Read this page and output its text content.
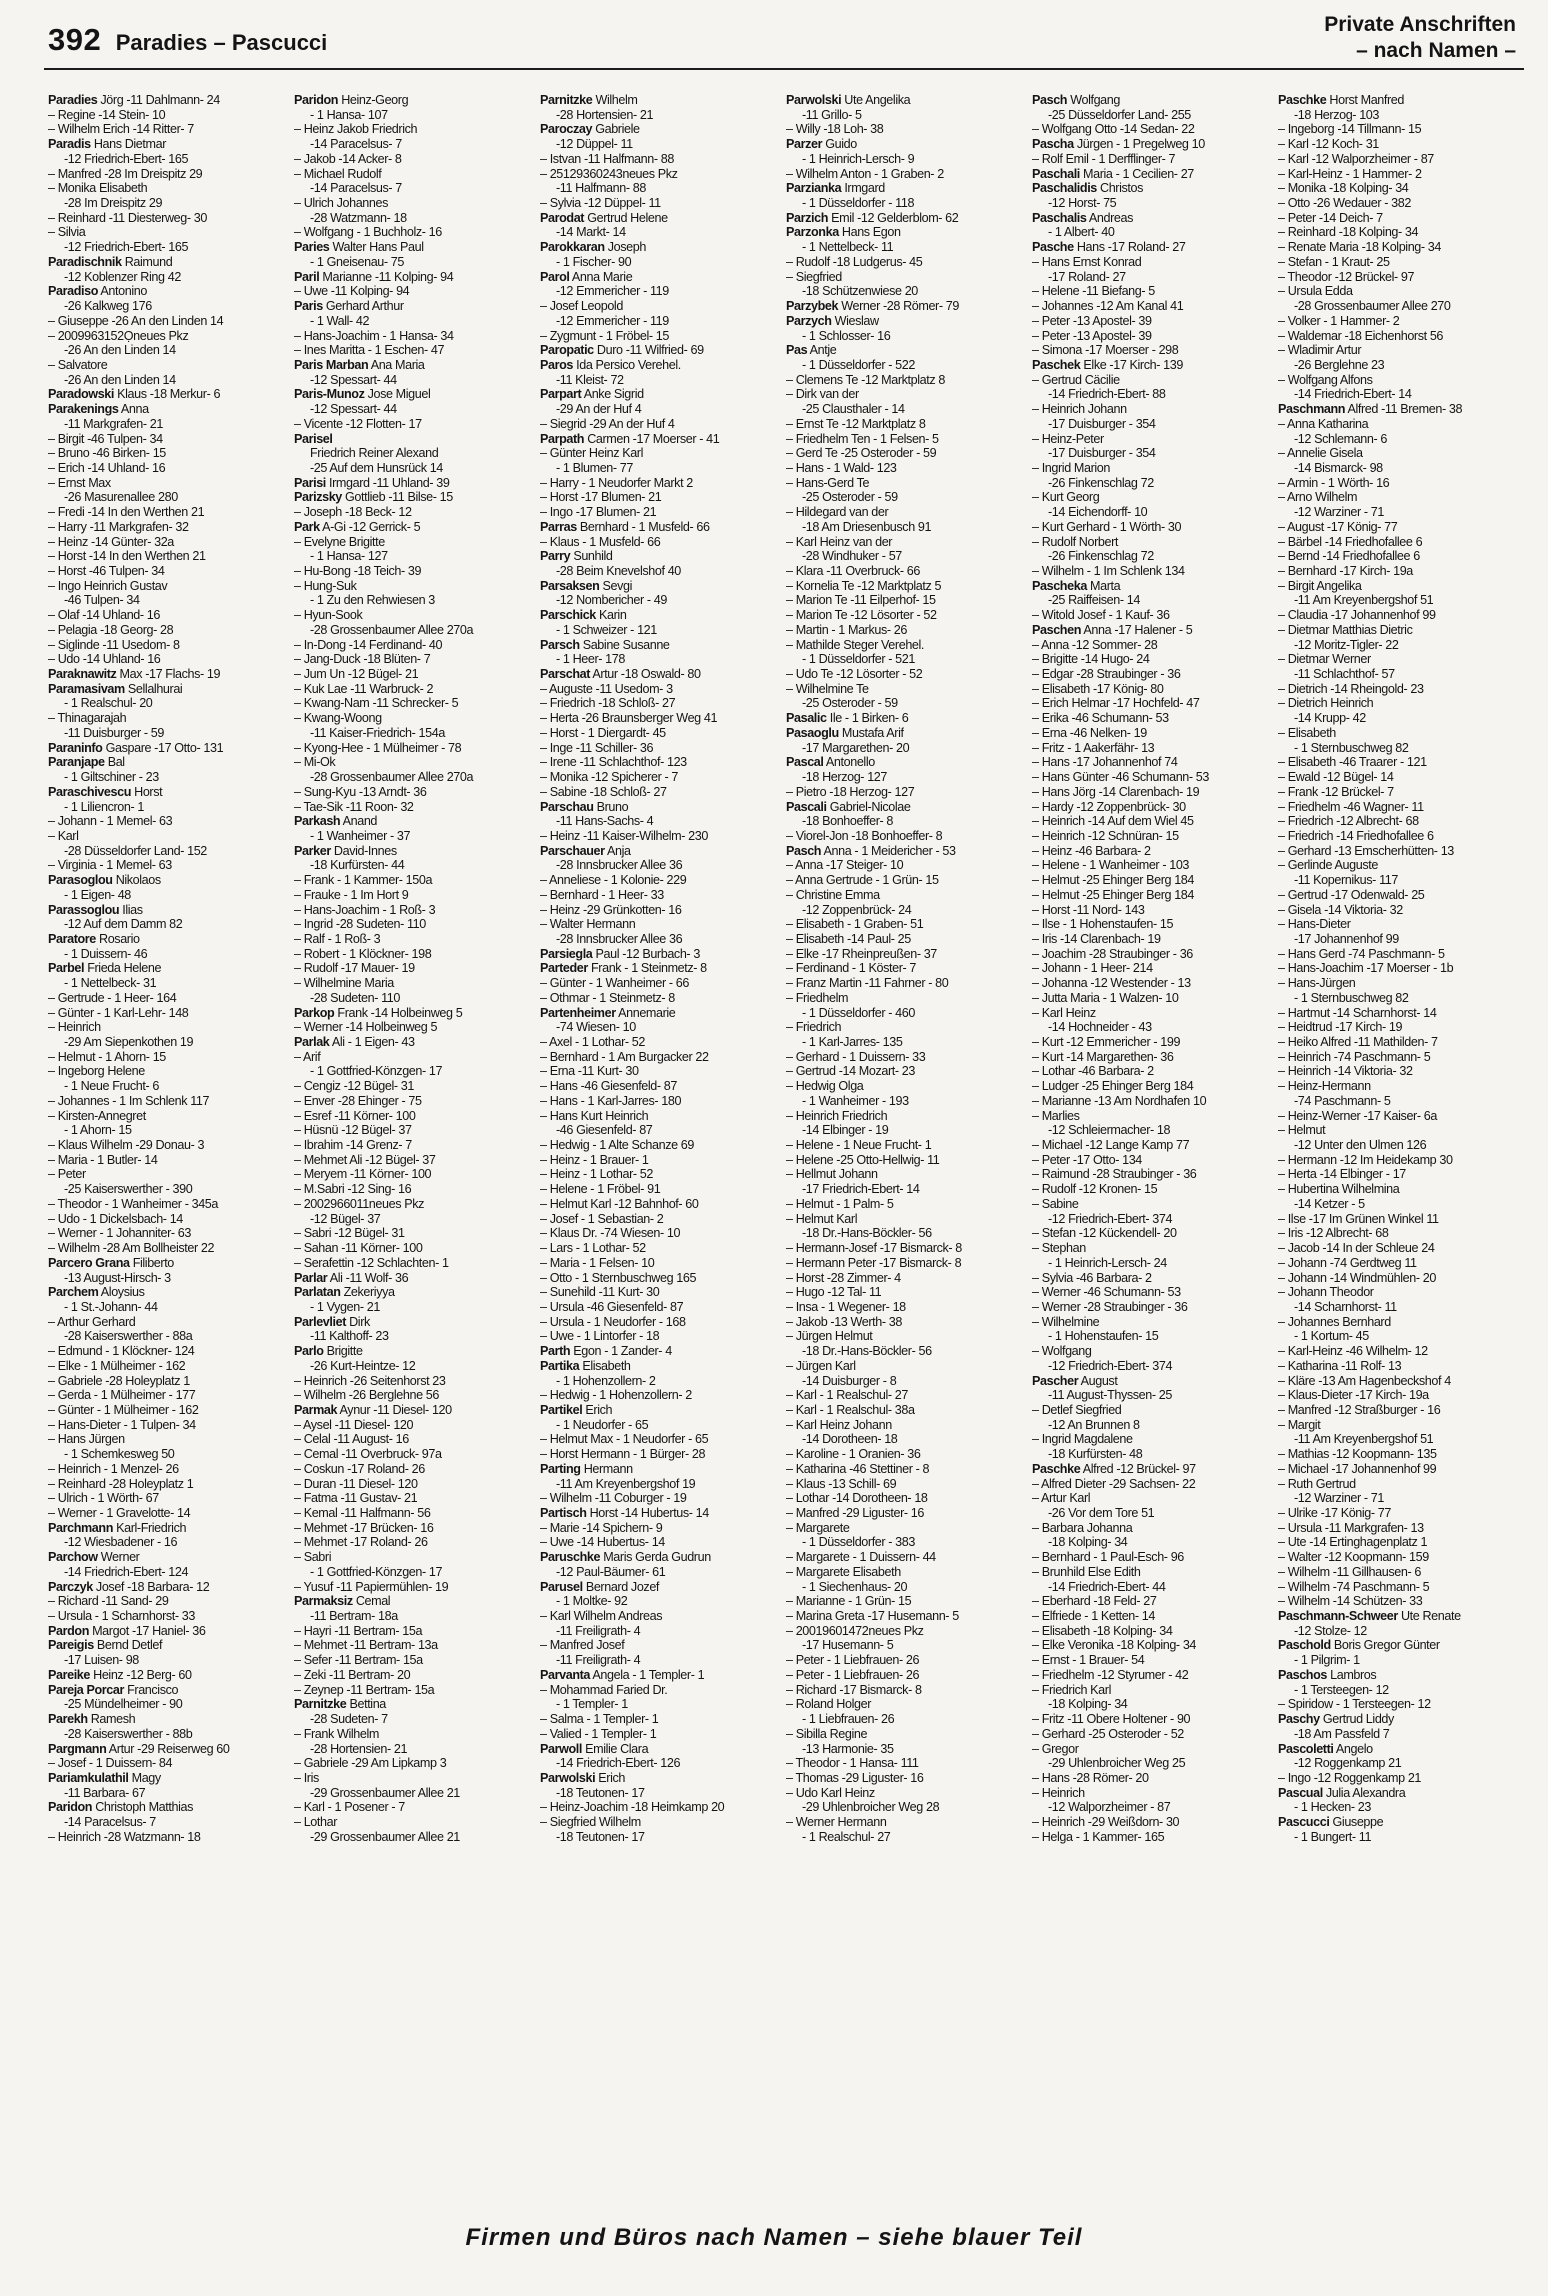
392 Paradies – Pascucci
Private Anschriften
– nach Namen –
Paradies Jörg -11 Dahlmann- 24
– Regine -14 Stein- 10
– Wilhelm Erich -14 Ritter- 7
Paradis Hans Dietmar
-12 Friedrich-Ebert- 165
– Manfred -28 Im Dreispitz 29
– Monika Elisabeth
-28 Im Dreispitz 29
– Reinhard -11 Diesterweg- 30
– Silvia
-12 Friedrich-Ebert- 165
Paradischnik Raimund
-12 Koblenzer Ring 42
Paradiso Antonino
-26 Kalkweg 176
– Giuseppe -26 An den Linden 14
– 2009963152Ọneues Pkz
-26 An den Linden 14
– Salvatore
-26 An den Linden 14
Paradowski Klaus -18 Merkur- 6
Parakenings Anna
-11 Markgrafen- 21
– Birgit -46 Tulpen- 34
– Bruno -46 Birken- 15
– Erich -14 Uhland- 16
– Ernst Max
-26 Masurenallee 280
– Fredi -14 In den Werthen 21
– Harry -11 Markgrafen- 32
– Heinz -14 Günter- 32a
– Horst -14 In den Werthen 21
– Horst -46 Tulpen- 34
– Ingo Heinrich Gustav
-46 Tulpen- 34
– Olaf -14 Uhland- 16
– Pelagia -18 Georg- 28
– Siglinde -11 Usedom- 8
– Udo -14 Uhland- 16
Paraknawitz Max -17 Flachs- 19
Paramasivam Sellalhurai
- 1 Realschul- 20
– Thinagarajah
-11 Duisburger - 59
Paraninfo Gaspare -17 Otto- 131
Paranjape Bal
- 1 Giltschiner - 23
Paraschivescu Horst
- 1 Liliencron- 1
– Johann - 1 Memel- 63
– Karl
-28 Düsseldorfer Land- 152
– Virginia - 1 Memel- 63
Parasoglou Nikolaos
- 1 Eigen- 48
Parassoglou Ilias
-12 Auf dem Damm 82
Paratore Rosario
- 1 Duissern- 46
Parbel Frieda Helene
- 1 Nettelbeck- 31
– Gertrude - 1 Heer- 164
– Günter - 1 Karl-Lehr- 148
– Heinrich
-29 Am Siepenkothen 19
– Helmut - 1 Ahorn- 15
– Ingeborg Helene
- 1 Neue Frucht- 6
– Johannes - 1 Im Schlenk 117
– Kirsten-Annegret
- 1 Ahorn- 15
– Klaus Wilhelm -29 Donau- 3
– Maria - 1 Butler- 14
– Peter
-25 Kaiserswerther - 390
– Theodor - 1 Wanheimer - 345a
– Udo - 1 Dickelsbach- 14
– Werner - 1 Johanniter- 63
– Wilhelm -28 Am Bollheister 22
Parcero Grana Filiberto
-13 August-Hirsch- 3
Parchem Aloysius
- 1 St.-Johann- 44
– Arthur Gerhard
-28 Kaiserswerther - 88a
– Edmund - 1 Klöckner- 124
– Elke - 1 Mülheimer - 162
– Gabriele -28 Holeyplatz 1
– Gerda - 1 Mülheimer - 177
– Günter - 1 Mülheimer - 162
– Hans-Dieter - 1 Tulpen- 34
– Hans Jürgen
- 1 Schemkesweg 50
– Heinrich - 1 Menzel- 26
– Reinhard -28 Holeyplatz 1
– Ulrich - 1 Wörth- 67
– Werner - 1 Gravelotte- 14
Parchmann Karl-Friedrich
-12 Wiesbadener - 16
Parchow Werner
-14 Friedrich-Ebert- 124
Parczyk Josef -18 Barbara- 12
– Richard -11 Sand- 29
– Ursula - 1 Scharnhorst- 33
Pardon Margot -17 Haniel- 36
Pareigis Bernd Detlef
-17 Luisen- 98
Pareike Heinz -12 Berg- 60
Pareja Porcar Francisco
-25 Mündelheimer - 90
Parekh Ramesh
-28 Kaiserswerther - 88b
Pargmann Artur -29 Reiserweg 60
– Josef - 1 Duissern- 84
Pariamkulathil Magy
-11 Barbara- 67
Paridon Christoph Matthias
-14 Paracelsus- 7
– Heinrich -28 Watzmann- 18
Paridon Heinz-Georg
- 1 Hansa- 107
– Heinz Jakob Friedrich
-14 Paracelsus- 7
– Jakob -14 Acker- 8
– Michael Rudolf
-14 Paracelsus- 7
– Ulrich Johannes
-28 Watzmann- 18
– Wolfgang - 1 Buchholz- 16
Paries Walter Hans Paul
- 1 Gneisenau- 75
Paril Marianne -11 Kolping- 94
– Uwe -11 Kolping- 94
Paris Gerhard Arthur
- 1 Wall- 42
– Hans-Joachim - 1 Hansa- 34
– Ines Maritta - 1 Eschen- 47
Paris Marban Ana Maria
-12 Spessart- 44
Paris-Munoz Jose Miguel
-12 Spessart- 44
– Vicente -12 Flotten- 17
Parisel
Friedrich Reiner Alexand
-25 Auf dem Hunsrück 14
Parisi Irmgard -11 Uhland- 39
Parizsky Gottlieb -11 Bilse- 15
– Joseph -18 Beck- 12
Park A-Gi -12 Gerrick- 5
– Evelyne Brigitte
- 1 Hansa- 127
– Hu-Bong -18 Teich- 39
– Hung-Suk
- 1 Zu den Rehwiesen 3
– Hyun-Sook
-28 Grossenbaumer Allee 270a
– In-Dong -14 Ferdinand- 40
– Jang-Duck -18 Blüten- 7
– Jum Un -12 Bügel- 21
– Kuk Lae -11 Warbruck- 2
– Kwang-Nam -11 Schrecker- 5
– Kwang-Woong
-11 Kaiser-Friedrich- 154a
– Kyong-Hee - 1 Mülheimer - 78
– Mi-Ok
-28 Grossenbaumer Allee 270a
– Sung-Kyu -13 Arndt- 36
– Tae-Sik -11 Roon- 32
Parkash Anand
- 1 Wanheimer - 37
Parker David-Innes
-18 Kurfürsten- 44
– Frank - 1 Kammer- 150a
– Frauke - 1 Im Hort 9
– Hans-Joachim - 1 Roß- 3
– Ingrid -28 Sudeten- 110
– Ralf - 1 Roß- 3
– Robert - 1 Klöckner- 198
– Rudolf -17 Mauer- 19
– Wilhelmine Maria
-28 Sudeten- 110
Parkop Frank -14 Holbeinweg 5
– Werner -14 Holbeinweg 5
Parlak Ali - 1 Eigen- 43
– Arif
- 1 Gottfried-Könzgen- 17
– Cengiz -12 Bügel- 31
– Enver -28 Ehinger - 75
– Esref -11 Körner- 100
– Hüsnü -12 Bügel- 37
– Ibrahim -14 Grenz- 7
– Mehmet Ali -12 Bügel- 37
– Meryem -11 Körner- 100
– M.Sabri -12 Sing- 16
– 2002966011neues Pkz
-12 Bügel- 37
– Sabri -12 Bügel- 31
– Sahan -11 Körner- 100
– Serafettin -12 Schlachten- 1
Parlar Ali -11 Wolf- 36
Parlatan Zekeriyya
- 1 Vygen- 21
Parlevliet Dirk
-11 Kalthoff- 23
Parlo Brigitte
-26 Kurt-Heintze- 12
– Heinrich -26 Seitenhorst 23
– Wilhelm -26 Berglehne 56
Parmak Aynur -11 Diesel- 120
– Aysel -11 Diesel- 120
– Celal -11 August- 16
– Cemal -11 Overbruck- 97a
– Coskun -17 Roland- 26
– Duran -11 Diesel- 120
– Fatma -11 Gustav- 21
– Kemal -11 Halfmann- 56
– Mehmet -17 Brücken- 16
– Mehmet -17 Roland- 26
– Sabri
- 1 Gottfried-Könzgen- 17
– Yusuf -11 Papiermühlen- 19
Parmaksiz Cemal
-11 Bertram- 18a
– Hayri -11 Bertram- 15a
– Mehmet -11 Bertram- 13a
– Sefer -11 Bertram- 15a
– Zeki -11 Bertram- 20
– Zeynep -11 Bertram- 15a
Parnitzke Bettina
-28 Sudeten- 7
– Frank Wilhelm
-28 Hortensien- 21
– Gabriele -29 Am Lipkamp 3
– Iris
-29 Grossenbaumer Allee 21
– Karl - 1 Posener - 7
– Lothar
-29 Grossenbaumer Allee 21
Parnitzke Wilhelm
-28 Hortensien- 21
Paroczay Gabriele
-12 Düppel- 11
– Istvan -11 Halfmann- 88
– 25129360243neues Pkz
-11 Halfmann- 88
– Sylvia -12 Düppel- 11
Parodat Gertrud Helene
-14 Markt- 14
Parokkaran Joseph
- 1 Fischer- 90
Parol Anna Marie
-12 Emmericher - 119
– Josef Leopold
-12 Emmericher - 119
– Zygmunt - 1 Fröbel- 15
Paropatic Duro -11 Wilfried- 69
Paros Ida Persico Verehel.
-11 Kleist- 72
Parpart Anke Sigrid
-29 An der Huf 4
– Siegrid -29 An der Huf 4
Parpath Carmen -17 Moerser - 41
– Günter Heinz Karl
- 1 Blumen- 77
– Harry - 1 Neudorfer Markt 2
– Horst -17 Blumen- 21
– Ingo -17 Blumen- 21
Parras Bernhard - 1 Musfeld- 66
– Klaus - 1 Musfeld- 66
Parry Sunhild
-28 Beim Knevelshof 40
Parsaksen Sevgi
-12 Nombericher - 49
Parschick Karin
- 1 Schweizer - 121
Parsch Sabine Susanne
- 1 Heer- 178
Parschat Artur -18 Oswald- 80
– Auguste -11 Usedom- 3
– Friedrich -18 Schloß- 27
– Herta -26 Braunsberger Weg 41
– Horst - 1 Diergardt- 45
– Inge -11 Schiller- 36
– Irene -11 Schlachthof- 123
– Monika -12 Spicherer - 7
– Sabine -18 Schloß- 27
Parschau Bruno
-11 Hans-Sachs- 4
– Heinz -11 Kaiser-Wilhelm- 230
Parschauer Anja
-28 Innsbrucker Allee 36
– Anneliese - 1 Kolonie- 229
– Bernhard - 1 Heer- 33
– Heinz -29 Grünkotten- 16
– Walter Hermann
-28 Innsbrucker Allee 36
Parsiegla Paul -12 Burbach- 3
Parteder Frank - 1 Steinmetz- 8
– Günter - 1 Wanheimer - 66
– Othmar - 1 Steinmetz- 8
Partenheimer Annemarie
-74 Wiesen- 10
– Axel - 1 Lothar- 52
– Bernhard - 1 Am Burgacker 22
– Erna -11 Kurt- 30
– Hans -46 Giesenfeld- 87
– Hans - 1 Karl-Jarres- 180
– Hans Kurt Heinrich
-46 Giesenfeld- 87
– Hedwig - 1 Alte Schanze 69
– Heinz - 1 Brauer- 1
– Heinz - 1 Lothar- 52
– Helene - 1 Fröbel- 91
– Helmut Karl -12 Bahnhof- 60
– Josef - 1 Sebastian- 2
– Klaus Dr. -74 Wiesen- 10
– Lars - 1 Lothar- 52
– Maria - 1 Felsen- 10
– Otto - 1 Sternbuschweg 165
– Sunehild -11 Kurt- 30
– Ursula -46 Giesenfeld- 87
– Ursula - 1 Neudorfer - 168
– Uwe - 1 Lintorfer - 18
Parth Egon - 1 Zander- 4
Partika Elisabeth
- 1 Hohenzollern- 2
– Hedwig - 1 Hohenzollern- 2
Partikel Erich
- 1 Neudorfer - 65
– Helmut Max - 1 Neudorfer - 65
– Horst Hermann - 1 Bürger- 28
Parting Hermann
-11 Am Kreyenbergshof 19
– Wilhelm -11 Coburger - 19
Partisch Horst -14 Hubertus- 14
– Marie -14 Spichern- 9
– Uwe -14 Hubertus- 14
Paruschke Maris Gerda Gudrun
-12 Paul-Bäumer- 61
Parusel Bernard Jozef
- 1 Moltke- 92
– Karl Wilhelm Andreas
-11 Freiligrath- 4
– Manfred Josef
-11 Freiligrath- 4
Parvanta Angela - 1 Templer- 1
– Mohammad Faried Dr.
- 1 Templer- 1
– Salma - 1 Templer- 1
– Valied - 1 Templer- 1
Parwoll Emilie Clara
-14 Friedrich-Ebert- 126
Parwolski Erich
-18 Teutonen- 17
– Heinz-Joachim -18 Heimkamp 20
– Siegfried Wilhelm
-18 Teutonen- 17
Parwolski Ute Angelika
-11 Grillo- 5
– Willy -18 Loh- 38
Parzer Guido
- 1 Heinrich-Lersch- 9
– Wilhelm Anton - 1 Graben- 2
Parzianka Irmgard
- 1 Düsseldorfer - 118
Parzich Emil -12 Gelderblom- 62
Parzonka Hans Egon
- 1 Nettelbeck- 11
– Rudolf -18 Ludgerus- 45
– Siegfried
-18 Schützenwiese 20
Parzybek Werner -28 Römer- 79
Parzych Wieslaw
- 1 Schlosser- 16
Pas Antje
- 1 Düsseldorfer - 522
– Clemens Te -12 Marktplatz 8
– Dirk van der
-25 Clausthaler - 14
– Ernst Te -12 Marktplatz 8
– Friedhelm Ten - 1 Felsen- 5
– Gerd Te -25 Osteroder - 59
– Hans - 1 Wald- 123
– Hans-Gerd Te
-25 Osteroder - 59
– Hildegard van der
-18 Am Driesenbusch 91
– Karl Heinz van der
-28 Windhuker - 57
– Klara -11 Overbruck- 66
– Kornelia Te -12 Marktplatz 5
– Marion Te -11 Eilperhof- 15
– Marion Te -12 Lösorter - 52
– Martin - 1 Markus- 26
– Mathilde Steger Verehel.
- 1 Düsseldorfer - 521
– Udo Te -12 Lösorter - 52
– Wilhelmine Te
-25 Osteroder - 59
Pasalic Ile - 1 Birken- 6
Pasaoglu Mustafa Arif
-17 Margarethen- 20
Pascal Antonello
-18 Herzog- 127
– Pietro -18 Herzog- 127
Pascali Gabriel-Nicolae
-18 Bonhoeffer- 8
– Viorel-Jon -18 Bonhoeffer- 8
Pasch Anna - 1 Meidericher - 53
– Anna -17 Steiger- 10
– Anna Gertrude - 1 Grün- 15
– Christine Emma
-12 Zoppenbrück- 24
– Elisabeth - 1 Graben- 51
– Elisabeth -14 Paul- 25
– Elke -17 Rheinpreußen- 37
– Ferdinand - 1 Köster- 7
– Franz Martin -11 Fahrner - 80
– Friedhelm
- 1 Düsseldorfer - 460
– Friedrich
- 1 Karl-Jarres- 135
– Gerhard - 1 Duissern- 33
– Gertrud -14 Mozart- 23
– Hedwig Olga
- 1 Wanheimer - 193
– Heinrich Friedrich
-14 Elbinger - 19
– Helene - 1 Neue Frucht- 1
– Helene -25 Otto-Hellwig- 11
– Hellmut Johann
-17 Friedrich-Ebert- 14
– Helmut - 1 Palm- 5
– Helmut Karl
-18 Dr.-Hans-Böckler- 56
– Hermann-Josef -17 Bismarck- 8
– Hermann Peter -17 Bismarck- 8
– Horst -28 Zimmer- 4
– Hugo -12 Tal- 11
– Insa - 1 Wegener- 18
– Jakob -13 Werth- 38
– Jürgen Helmut
-18 Dr.-Hans-Böckler- 56
– Jürgen Karl
-14 Duisburger - 8
– Karl - 1 Realschul- 27
– Karl - 1 Realschul- 38a
– Karl Heinz Johann
-14 Dorotheen- 18
– Karoline - 1 Oranien- 36
– Katharina -46 Stettiner - 8
– Klaus -13 Schill- 69
– Lothar -14 Dorotheen- 18
– Manfred -29 Liguster- 16
– Margarete
- 1 Düsseldorfer - 383
– Margarete - 1 Duissern- 44
– Margarete Elisabeth
- 1 Siechenhaus- 20
– Marianne - 1 Grün- 15
– Marina Greta -17 Husemann- 5
– 20019601472neues Pkz
-17 Husemann- 5
– Peter - 1 Liebfrauen- 26
– Peter - 1 Liebfrauen- 26
– Richard -17 Bismarck- 8
– Roland Holger
- 1 Liebfrauen- 26
– Sibilla Regine
-13 Harmonie- 35
– Theodor - 1 Hansa- 111
– Thomas -29 Liguster- 16
– Udo Karl Heinz
-29 Uhlenbroicher Weg 28
– Werner Hermann
- 1 Realschul- 27
Pasch Wolfgang
-25 Düsseldorfer Land- 255
– Wolfgang Otto -14 Sedan- 22
Pascha Jürgen - 1 Pregelweg 10
– Rolf Emil - 1 Derfflinger- 7
Paschali Maria - 1 Cecilien- 27
Paschalidis Christos
-12 Horst- 75
Paschalis Andreas
- 1 Albert- 40
Pasche Hans -17 Roland- 27
– Hans Ernst Konrad
-17 Roland- 27
– Helene -11 Biefang- 5
– Johannes -12 Am Kanal 41
– Peter -13 Apostel- 39
– Peter -13 Apostel- 39
– Simona -17 Moerser - 298
Paschek Elke -17 Kirch- 139
– Gertrud Cäcilie
-14 Friedrich-Ebert- 88
– Heinrich Johann
-17 Duisburger - 354
– Heinz-Peter
-17 Duisburger - 354
– Ingrid Marion
-26 Finkenschlag 72
– Kurt Georg
-14 Eichendorff- 10
– Kurt Gerhard - 1 Wörth- 30
– Rudolf Norbert
-26 Finkenschlag 72
– Wilhelm - 1 Im Schlenk 134
Pascheka Marta
-25 Raiffeisen- 14
– Witold Josef - 1 Kauf- 36
Paschen Anna -17 Halener - 5
– Anna -12 Sommer- 28
– Brigitte -14 Hugo- 24
– Edgar -28 Straubinger - 36
– Elisabeth -17 König- 80
– Erich Helmar -17 Hochfeld- 47
– Erika -46 Schumann- 53
– Erna -46 Nelken- 19
– Fritz - 1 Aakerfähr- 13
– Hans -17 Johannenhof 74
– Hans Günter -46 Schumann- 53
– Hans Jörg -14 Clarenbach- 19
– Hardy -12 Zoppenbrück- 30
– Heinrich -14 Auf dem Wiel 45
– Heinrich -12 Schnüran- 15
– Heinz -46 Barbara- 2
– Helene - 1 Wanheimer - 103
– Helmut -25 Ehinger Berg 184
– Helmut -25 Ehinger Berg 184
– Horst -11 Nord- 143
– Ilse - 1 Hohenstaufen- 15
– Iris -14 Clarenbach- 19
– Joachim -28 Straubinger - 36
– Johann - 1 Heer- 214
– Johanna -12 Westender - 13
– Jutta Maria - 1 Walzen- 10
– Karl Heinz
-14 Hochneider - 43
– Kurt -12 Emmericher - 199
– Kurt -14 Margarethen- 36
– Lothar -46 Barbara- 2
– Ludger -25 Ehinger Berg 184
– Marianne -13 Am Nordhafen 10
– Marlies
-12 Schleiermacher- 18
– Michael -12 Lange Kamp 77
– Peter -17 Otto- 134
– Raimund -28 Straubinger - 36
– Rudolf -12 Kronen- 15
– Sabine
-12 Friedrich-Ebert- 374
– Stefan -12 Kückendell- 20
– Stephan
- 1 Heinrich-Lersch- 24
– Sylvia -46 Barbara- 2
– Werner -46 Schumann- 53
– Werner -28 Straubinger - 36
– Wilhelmine
- 1 Hohenstaufen- 15
– Wolfgang
-12 Friedrich-Ebert- 374
Pascher August
-11 August-Thyssen- 25
– Detlef Siegfried
-12 An Brunnen 8
– Ingrid Magdalene
-18 Kurfürsten- 48
Paschke Alfred -12 Brückel- 97
– Alfred Dieter -29 Sachsen- 22
– Artur Karl
-26 Vor dem Tore 51
– Barbara Johanna
-18 Kolping- 34
– Bernhard - 1 Paul-Esch- 96
– Brunhild Else Edith
-14 Friedrich-Ebert- 44
– Eberhard -18 Feld- 27
– Elfriede - 1 Ketten- 14
– Elisabeth -18 Kolping- 34
– Elke Veronika -18 Kolping- 34
– Ernst - 1 Brauer- 54
– Friedhelm -12 Styrumer - 42
– Friedrich Karl
-18 Kolping- 34
– Fritz -11 Obere Holtener - 90
– Gerhard -25 Osteroder - 52
– Gregor
-29 Uhlenbroicher Weg 25
– Hans -28 Römer- 20
– Heinrich
-12 Walporzheimer - 87
– Heinrich -29 Weißdorn- 30
– Helga - 1 Kammer- 165
Paschke Horst Manfred
-18 Herzog- 103
– Ingeborg -14 Tillmann- 15
– Karl -12 Koch- 31
– Karl -12 Walporzheimer - 87
– Karl-Heinz - 1 Hammer- 2
– Monika -18 Kolping- 34
– Otto -26 Wedauer - 382
– Peter -14 Deich- 7
– Reinhard -18 Kolping- 34
– Renate Maria -18 Kolping- 34
– Stefan - 1 Kraut- 25
– Theodor -12 Brückel- 97
– Ursula Edda
-28 Grossenbaumer Allee 270
– Volker - 1 Hammer- 2
– Waldemar -18 Eichenhorst 56
– Wladimir Artur
-26 Berglehne 23
– Wolfgang Alfons
-14 Friedrich-Ebert- 14
Paschmann Alfred -11 Bremen- 38
– Anna Katharina
-12 Schlemann- 6
– Annelie Gisela
-14 Bismarck- 98
– Armin - 1 Wörth- 16
– Arno Wilhelm
-12 Warziner - 71
– August -17 König- 77
– Bärbel -14 Friedhofallee 6
– Bernd -14 Friedhofallee 6
– Bernhard -17 Kirch- 19a
– Birgit Angelika
-11 Am Kreyenbergshof 51
– Claudia -17 Johannenhof 99
– Dietmar Matthias Dietric
-12 Moritz-Tigler- 22
– Dietmar Werner
-11 Schlachthof- 57
– Dietrich -14 Rheingold- 23
– Dietrich Heinrich
-14 Krupp- 42
– Elisabeth
- 1 Sternbuschweg 82
– Elisabeth -46 Traarer - 121
– Ewald -12 Bügel- 14
– Frank -12 Brückel- 7
– Friedhelm -46 Wagner- 11
– Friedrich -12 Albrecht- 68
– Friedrich -14 Friedhofallee 6
– Gerhard -13 Emscherhütten- 13
– Gerlinde Auguste
-11 Kopernikus- 117
– Gertrud -17 Odenwald- 25
– Gisela -14 Viktoria- 32
– Hans-Dieter
-17 Johannenhof 99
– Hans Gerd -74 Paschmann- 5
– Hans-Joachim -17 Moerser - 1b
– Hans-Jürgen
- 1 Sternbuschweg 82
– Hartmut -14 Scharnhorst- 14
– Heidtrud -17 Kirch- 19
– Heiko Alfred -11 Mathilden- 7
– Heinrich -74 Paschmann- 5
– Heinrich -14 Viktoria- 32
– Heinz-Hermann
-74 Paschmann- 5
– Heinz-Werner -17 Kaiser- 6a
– Helmut
-12 Unter den Ulmen 126
– Hermann -12 Im Heidekamp 30
– Herta -14 Elbinger - 17
– Hubertina Wilhelmina
-14 Ketzer - 5
– Ilse -17 Im Grünen Winkel 11
– Iris -12 Albrecht- 68
– Jacob -14 In der Schleue 24
– Johann -74 Gerdtweg 11
– Johann -14 Windmühlen- 20
– Johann Theodor
-14 Scharnhorst- 11
– Johannes Bernhard
- 1 Kortum- 45
– Karl-Heinz -46 Wilhelm- 12
– Katharina -11 Rolf- 13
– Kläre -13 Am Hagenbeckshof 4
– Klaus-Dieter -17 Kirch- 19a
– Manfred -12 Straßburger - 16
– Margit
-11 Am Kreyenbergshof 51
– Mathias -12 Koopmann- 135
– Michael -17 Johannenhof 99
– Ruth Gertrud
-12 Warziner - 71
– Ulrike -17 König- 77
– Ursula -11 Markgrafen- 13
– Ute -14 Ertinghagenplatz 1
– Walter -12 Koopmann- 159
– Wilhelm -11 Gillhausen- 6
– Wilhelm -74 Paschmann- 5
– Wilhelm -14 Schützen- 33
Paschmann-Schweer Ute Renate
-12 Stolze- 12
Paschold Boris Gregor Günter
- 1 Pilgrim- 1
Paschos Lambros
- 1 Tersteegen- 12
– Spiridow - 1 Tersteegen- 12
Paschy Gertrud Liddy
-18 Am Passfeld 7
Pascoletti Angelo
-12 Roggenkamp 21
– Ingo -12 Roggenkamp 21
Pascual Julia Alexandra
- 1 Hecken- 23
Pascucci Giuseppe
- 1 Bungert- 11
Firmen und Büros nach Namen – siehe blauer Teil
